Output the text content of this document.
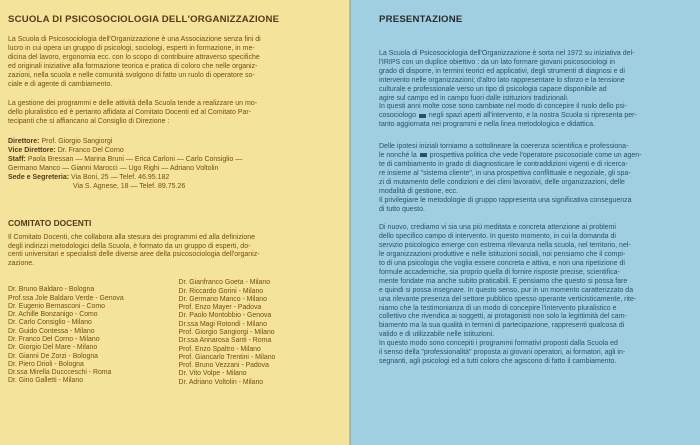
SCUOLA DI PSICOSOCIOLOGIA DELL'ORGANIZZAZIONE

La Scuola di Psicosociologia dell'Organizzazione è una Associazione senza fini di

lucro in cui opera un gruppo di psicologi, sociologi, esperti in formazione, in me-

dicina del lavoro, ergonomia ecc. con lo scopo di contribuire attraverso specifiche

ed originali iniziative alla formazione teorica e pratica di coloro che nelle organiz-

zazioni, nella scuola e nelle comunità svolgono di fatto un ruolo di operatore so-

ciale e di agente di cambiamento.

La gestione dei programmi e delle attività della Scuola tende a realizzare un mo-

dello pluralistico ed è pertanto affidata al Comitato Docenti ed al Comitato Par-

tecipanti che si affiancano al Consiglio di Direzione :

Direttore: Prof. Giorgio Sangiorgi
Vice Direttore: Dr. Franco Del Corno
Staff: Paola Bressan — Marina Bruni — Erica Carloni — Carlo Consiglio —
Germano Manco — Gianni Marocci — Ugo Righi — Adriano Voltolin
Sede e Segreteria: Via Boni, 25 — Telef. 46.95.182
Via S. Agnese, 18 — Telef. 89.75.26
COMITATO DOCENTI

Il Comitato Docenti, che collabora alla stesura dei programmi ed alla definizione

degli indirizzi metodologici della Scuola, è formato da un gruppo di esperti, do-

centi universitari e specialisti delle diverse aree della psicosociologia dell'organiz-

zazione.

Dr. Bruno Baldaro - Bologna
Prof.ssa Jole Baldaro Verde - Genova
Dr. Eugenio Bernasconi - Como
Dr. Achille Bonzanigo - Como
Dr. Carlo Consiglio - Milano
Dr. Guido Contessa - Milano
Dr. Franco Del Corno - Milano
Dr. Giorgio Del Mare - Milano
Dr. Gianni De Zorzi - Bologna
Dr. Piero Drioli - Bologna
Dr.ssa Mirella Duccceschi - Roma
Dr. Gino Galletti - Milano
Dr. Gianfranco Goeta - Milano
Dr. Riccardo Gorini - Milano
Dr. Germano Manco - Milano
Prof. Enzo Mayer - Padova
Dr. Paolo Montobbio - Genova
Dr.ssa Magi Rotondi - Milano
Prof. Giorgio Sangiorgi - Milano
Dr.ssa Annarosa Santi - Roma
Prof. Enzo Spaltro - Milano
Prof. Giancarlo Trentini - Milano
Prof. Bruno Vezzani - Padova
Dr. Vito Volpe - Milano
Dr. Adriano Voltolin - Milano
PRESENTAZIONE

La Scuola di Psicosociologia dell'Organizzazione è sorta nel 1972 su iniziativa del-

l'IRIPS con un duplice obiettivo : da un lato formare giovani psicosociologi in

grado di disporre, in termini teorici ed applicativi, degli strumenti di diagnosi e di

intervento nelle organizzazioni; d'altro lato rappresentare lo sforzo e la tensione

culturale e professionale verso un tipo di psicologia capace disponibile ad

agire sul campo ed in campo fuori dalle istituzioni tradizionali.

In questi anni molte cose sono cambiate nel modo di concepire il ruolo dello psi-

cosociologo negli spazi aperti all'intervento, e la nostra Scuola si ripresenta per-

tanto aggiornata nei programmi e nella linea metodologica e didattica.

Delle ipotesi iniziali torniamo a sottolineare la coerenza scientifica e professiona-

le nonché la prospettiva politica che vede l'operatore psicosociale come un agen-

te di cambiamento in grado di diagnosticare le contraddizioni vigenti e di ricerca-

re insieme al "sistema cliente", in una prospettiva conflittuale e negoziale, gli spa-

zi di mutamento delle condizioni e dei climi lavorativi, delle organizzazioni, delle

modalità di gestione, ecc.

Il privilegiare le metodologie di gruppo rappresenta una significativa conseguenza

di tutto questo.

Di nuovo, crediamo vi sia una più meditata e concreta attenzione ai problemi

dello specifico campo di intervento. In questo momento, in cui la domanda di

servizio psicologico emerge con estrema rilevanza nella scuola, nel territorio, nel-

le organizzazioni produttive e nelle istituzioni sociali, noi pensiamo che il compi-

to di una psicologia che voglia essere concreta e attiva, e non una ripetizione di

formule accademiche, sia proprio quella di fornire risposte precise, scientifica-

mente fondate ma anche subito praticabili. E pensiamo che questo si possa fare

e quindi si possa insegnare. In questo senso, pur in un momento caratterizzato da

una rilevante presenza del settore pubblico spesso operante verticisticamente, rite-

niamo che la testimonianza di un modo di concepire l'intervento pluralistico e

collettivo che rivendica ai soggetti, ai protagonisti non solo la legittimità del cam-

biamento ma la sua qualità in termini di partecipazione, rappresenti qualcosa di

valido e di utilizzabile nelle istituzioni.

In questo modo sono concepiti i programmi formativi proposti dalla Scuola ed

il senso della "professionalità" proposta ai giovani operatori, ai formatori, agli in-

segnanti, agli psicologi ed a tutti coloro che agiscono di fatto il cambiamento.
